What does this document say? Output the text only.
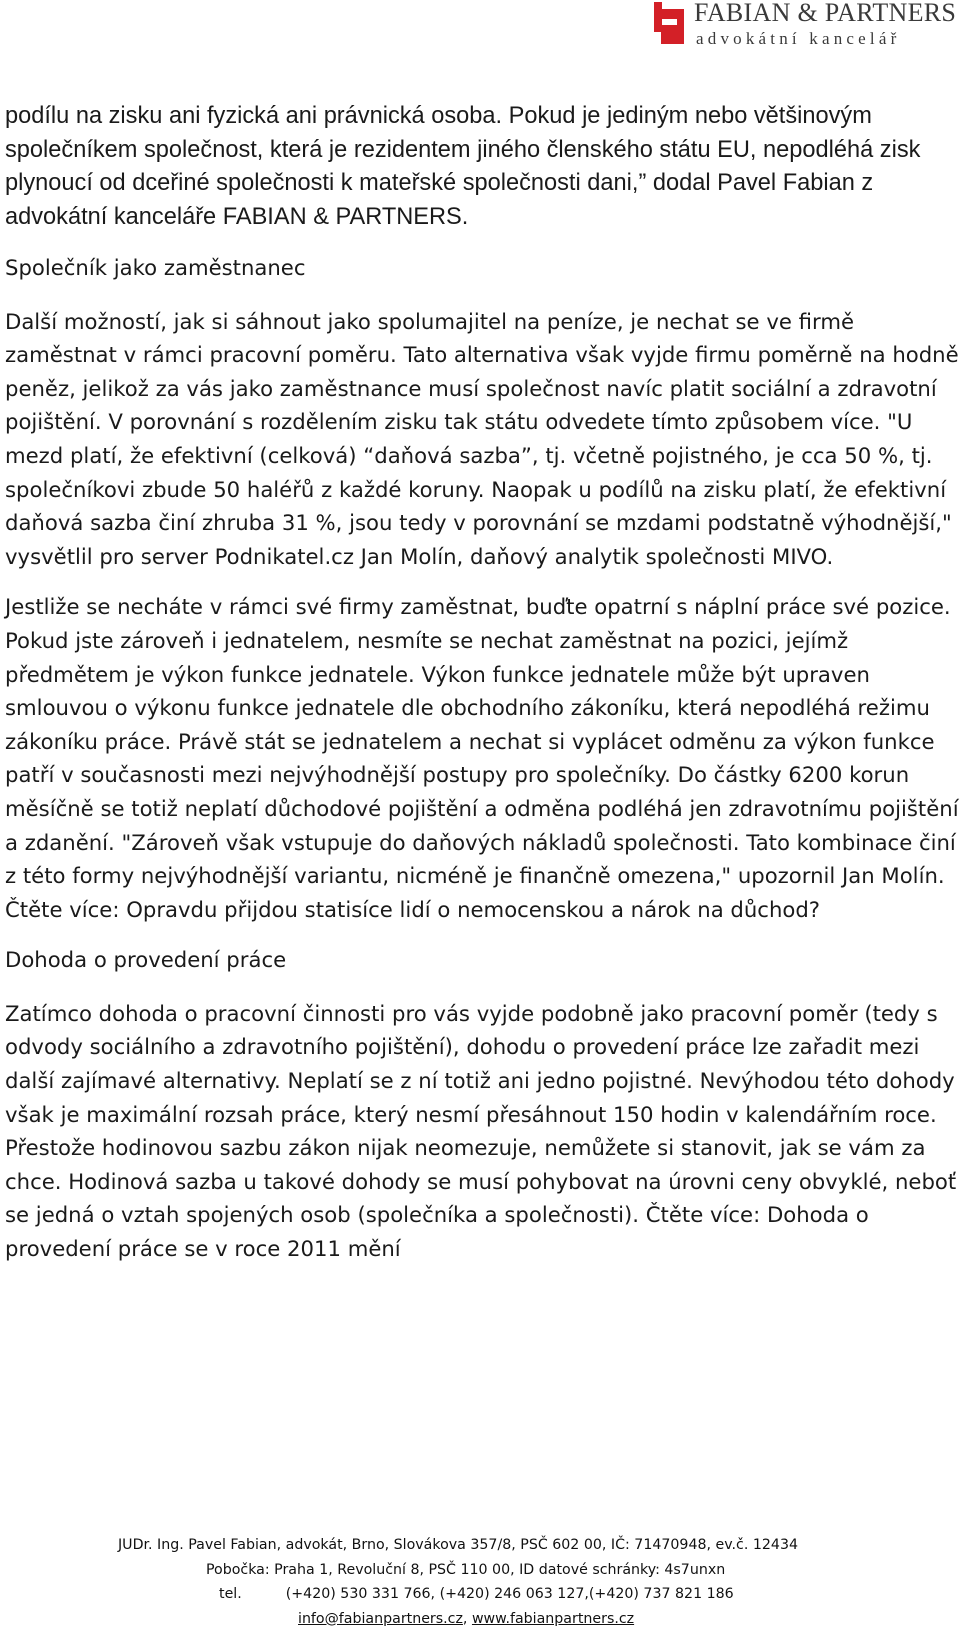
FABIAN & PARTNERS
advokátní kancelář

podílu na zisku ani fyzická ani právnická osoba. Pokud je jediným nebo většinovým společníkem společnost, která je rezidentem jiného členského státu EU, nepodléhá zisk plynoucí od dceřiné společnosti k mateřské společnosti dani,” dodal Pavel Fabian z advokátní kanceláře FABIAN & PARTNERS.

Společník jako zaměstnanec

Další možností, jak si sáhnout jako spolumajitel na peníze, je nechat se ve firmě zaměstnat v rámci pracovní poměru. Tato alternativa však vyjde firmu poměrně na hodně peněz, jelikož za vás jako zaměstnance musí společnost navíc platit sociální a zdravotní pojištění. V porovnání s rozdělením zisku tak státu odvedete tímto způsobem více. "U mezd platí, že efektivní (celková) “daňová sazba”, tj. včetně pojistného, je cca 50 %, tj. společníkovi zbude 50 haléřů z každé koruny. Naopak u podílů na zisku platí, že efektivní daňová sazba činí zhruba 31 %, jsou tedy v porovnání se mzdami podstatně výhodnější," vysvětlil pro server Podnikatel.cz Jan Molín, daňový analytik společnosti MIVO.

Jestliže se necháte v rámci své firmy zaměstnat, buďte opatrní s náplní práce své pozice. Pokud jste zároveň i jednatelem, nesmíte se nechat zaměstnat na pozici, jejímž předmětem je výkon funkce jednatele. Výkon funkce jednatele může být upraven smlouvou o výkonu funkce jednatele dle obchodního zákoníku, která nepodléhá režimu zákoníku práce. Právě stát se jednatelem a nechat si vyplácet odměnu za výkon funkce patří v současnosti mezi nejvýhodnější postupy pro společníky. Do částky 6200 korun měsíčně se totiž neplatí důchodové pojištění a odměna podléhá jen zdravotnímu pojištění a zdanění. "Zároveň však vstupuje do daňových nákladů společnosti. Tato kombinace činí z této formy nejvýhodnější variantu, nicméně je finančně omezena," upozornil Jan Molín. Čtěte více: Opravdu přijdou statisíce lidí o nemocenskou a nárok na důchod?

Dohoda o provedení práce

Zatímco dohoda o pracovní činnosti pro vás vyjde podobně jako pracovní poměr (tedy s odvody sociálního a zdravotního pojištění), dohodu o provedení práce lze zařadit mezi další zajímavé alternativy. Neplatí se z ní totiž ani jedno pojistné. Nevýhodou této dohody však je maximální rozsah práce, který nesmí přesáhnout 150 hodin v kalendářním roce. Přestože hodinovou sazbu zákon nijak neomezuje, nemůžete si stanovit, jak se vám za chce. Hodinová sazba u takové dohody se musí pohybovat na úrovni ceny obvyklé, neboť se jedná o vztah spojených osob (společníka a společnosti). Čtěte více: Dohoda o provedení práce se v roce 2011 mění

JUDr. Ing. Pavel Fabian, advokát, Brno, Slovákova 357/8, PSČ 602 00, IČ: 71470948, ev.č. 12434
Pobočka: Praha 1, Revoluční 8, PSČ 110 00, ID datové schránky: 4s7unxn
tel.	(+420) 530 331 766, (+420) 246 063 127,(+420) 737 821 186
info@fabianpartners.cz, www.fabianpartners.cz
